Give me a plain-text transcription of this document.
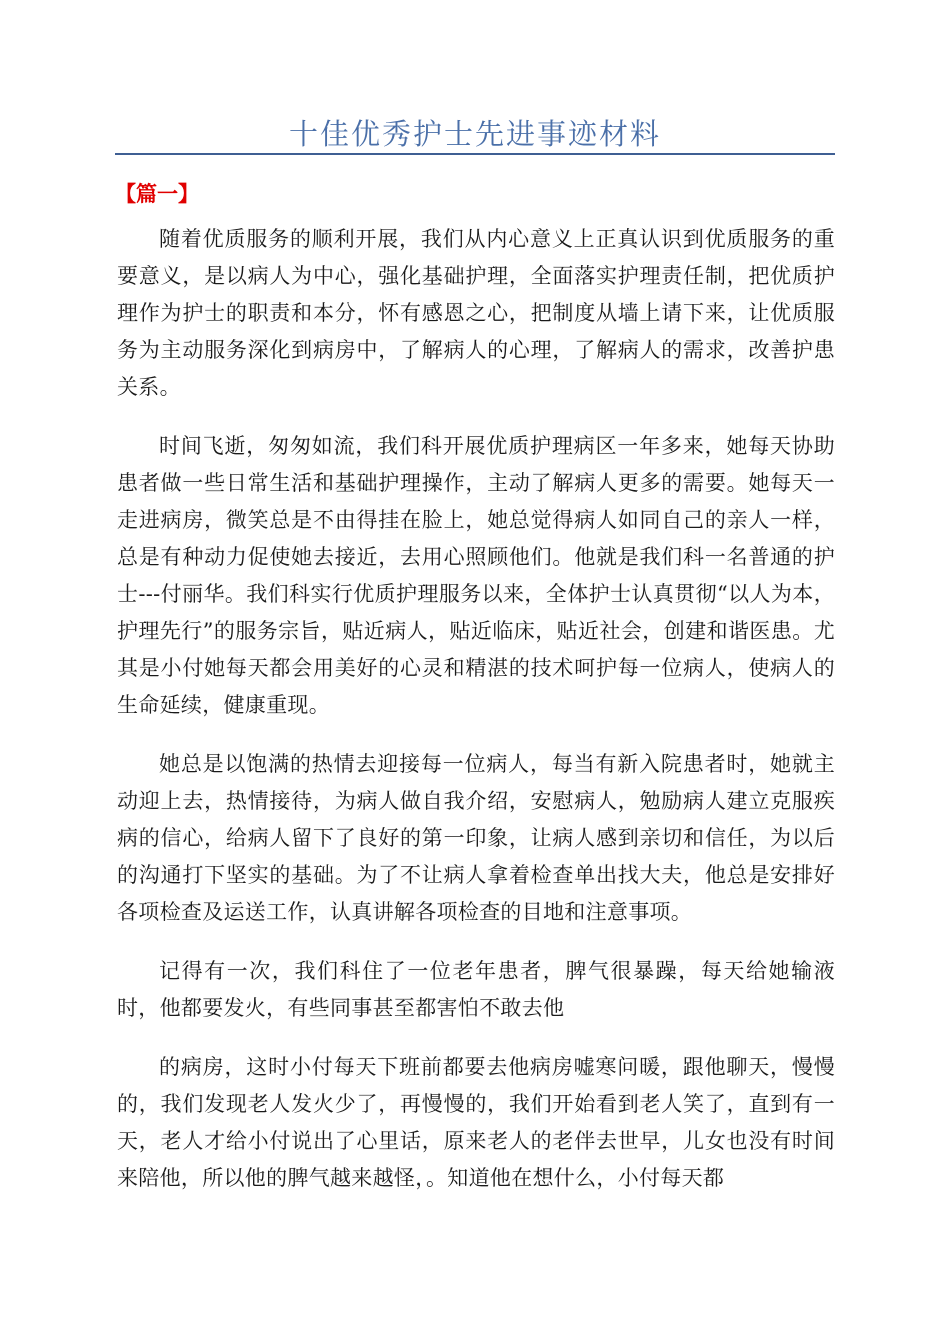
十佳优秀护士先进事迹材料
【篇一】

随着优质服务的顺利开展，我们从内心意义上正真认识到优质服务的重要意义，是以病人为中心，强化基础护理，全面落实护理责任制，把优质护理作为护士的职责和本分，怀有感恩之心，把制度从墙上请下来，让优质服务为主动服务深化到病房中，了解病人的心理，了解病人的需求，改善护患关系。

时间飞逝，匆匆如流，我们科开展优质护理病区一年多来，她每天协助患者做一些日常生活和基础护理操作，主动了解病人更多的需要。她每天一走进病房，微笑总是不由得挂在脸上，她总觉得病人如同自己的亲人一样，总是有种动力促使她去接近，去用心照顾他们。他就是我们科一名普通的护士---付丽华。我们科实行优质护理服务以来，全体护士认真贯彻“以人为本，护理先行”的服务宗旨，贴近病人，贴近临床，贴近社会，创建和谐医患。尤其是小付她每天都会用美好的心灵和精湛的技术呵护每一位病人，使病人的生命延续，健康重现。

她总是以饱满的热情去迎接每一位病人，每当有新入院患者时，她就主动迎上去，热情接待，为病人做自我介绍，安慰病人，勉励病人建立克服疾病的信心，给病人留下了良好的第一印象，让病人感到亲切和信任，为以后的沟通打下坚实的基础。为了不让病人拿着检查单出找大夫，他总是安排好各项检查及运送工作，认真讲解各项检查的目地和注意事项。

记得有一次，我们科住了一位老年患者，脾气很暴躁，每天给她输液时，他都要发火，有些同事甚至都害怕不敢去他

的病房，这时小付每天下班前都要去他病房嘘寒问暖，跟他聊天，慢慢的，我们发现老人发火少了，再慢慢的，我们开始看到老人笑了，直到有一天，老人才给小付说出了心里话，原来老人的老伴去世早，儿女也没有时间来陪他，所以他的脾气越来越怪，。知道他在想什么，小付每天都
